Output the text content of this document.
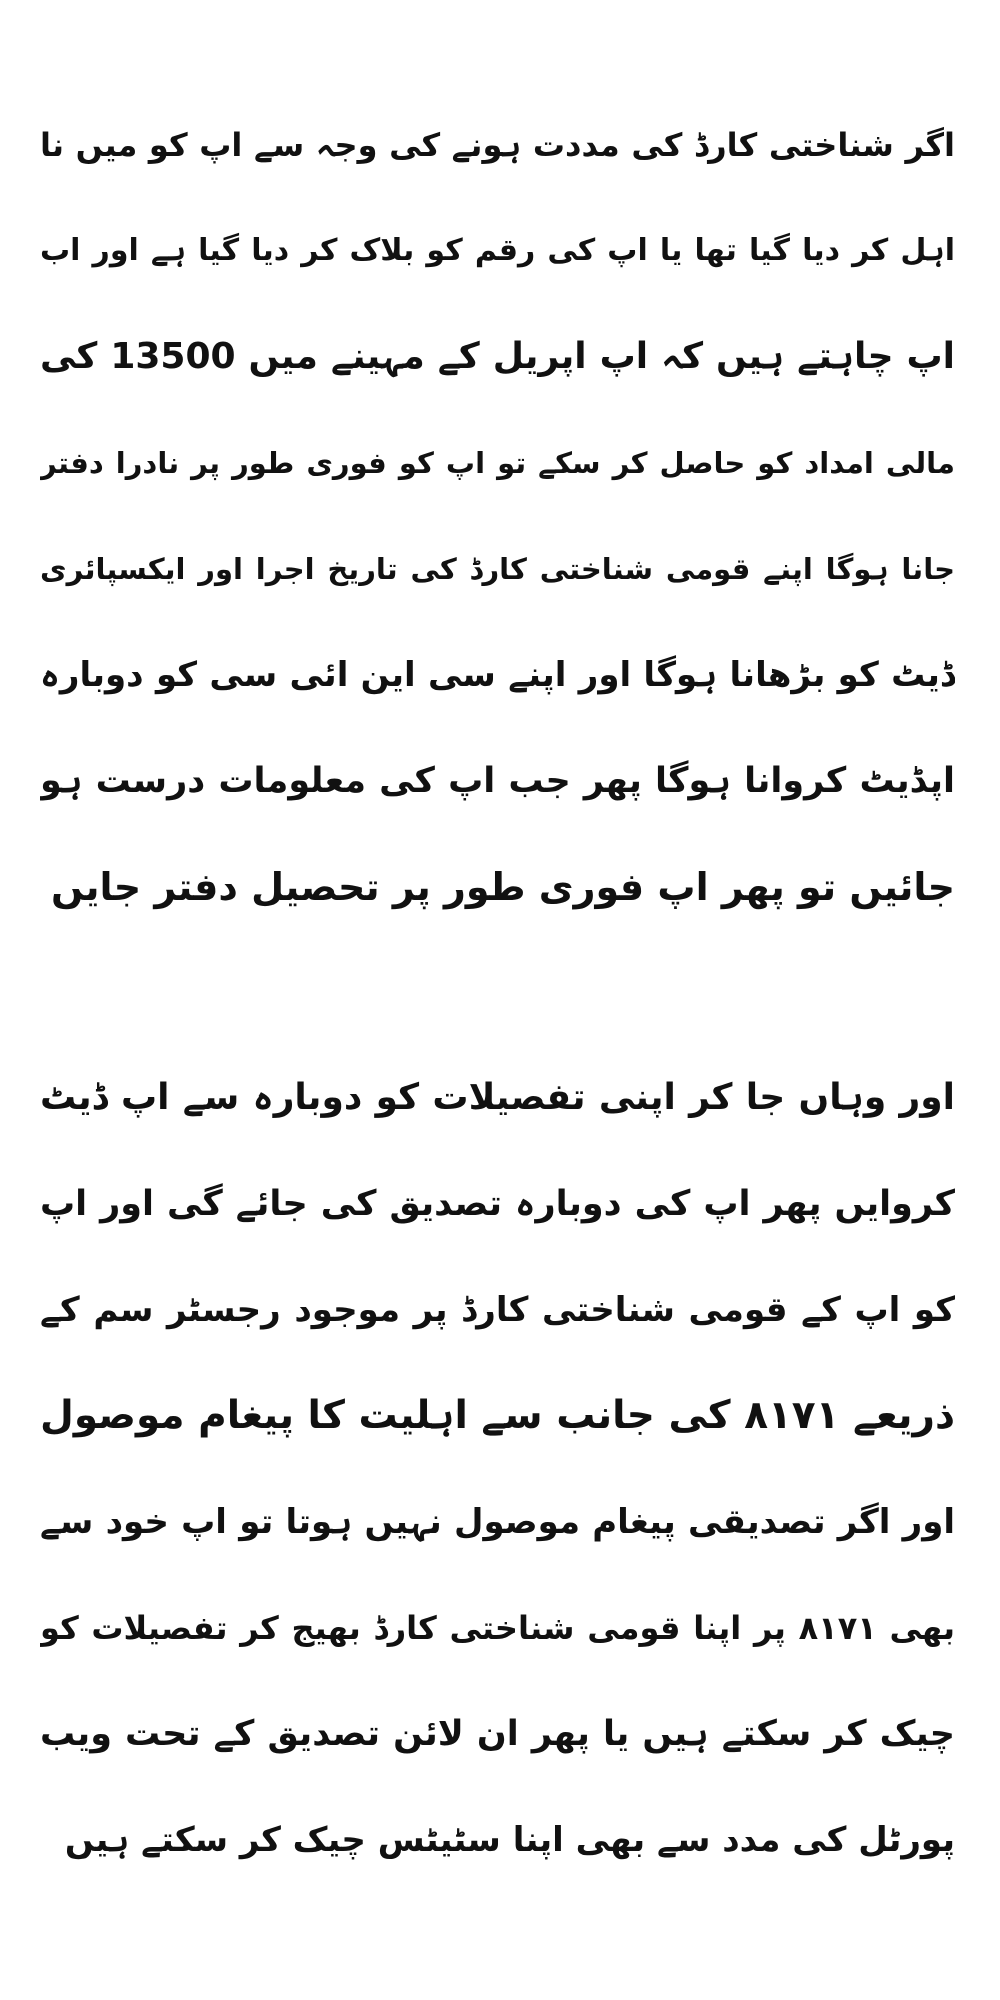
اگر شناختی کارڈ کی مددت ہونے کی وجہ سے اپ کو میں نا
اہل کر دیا گیا تھا یا اپ کی رقم کو بلاک کر دیا گیا ہے اور اب
اپ چاہتے ہیں کہ اپ اپریل کے مہینے میں 13500 کی
مالی امداد کو حاصل کر سکے تو اپ کو فوری طور پر نادرا دفتر
جانا ہوگا اپنے قومی شناختی کارڈ کی تاریخ اجرا اور ایکسپائری
ڈیٹ کو بڑھانا ہوگا اور اپنے سی این ائی سی کو دوبارہ
اپڈیٹ کروانا ہوگا پھر جب اپ کی معلومات درست ہو
جائیں تو پھر اپ فوری طور پر تحصیل دفتر جایں
اور وہاں جا کر اپنی تفصیلات کو دوبارہ سے اپ ڈیٹ
کروایں پھر اپ کی دوبارہ تصدیق کی جائے گی اور اپ
کو اپ کے قومی شناختی کارڈ پر موجود رجسٹر سم کے
ذریعے ٨١٧١ کی جانب سے اہلیت کا پیغام موصول
اور اگر تصدیقی پیغام موصول نہیں ہوتا تو اپ خود سے
بھی ٨١٧١ پر اپنا قومی شناختی کارڈ بھیج کر تفصیلات کو
چیک کر سکتے ہیں یا پھر ان لائن تصدیق کے تحت ویب
پورٹل کی مدد سے بھی اپنا سٹیٹس چیک کر سکتے ہیں
